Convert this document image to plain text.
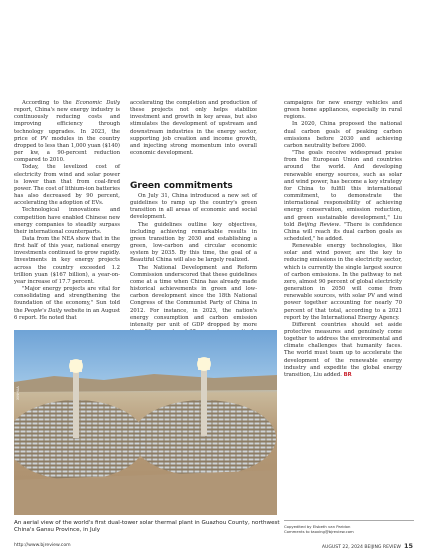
According to the Economic Daily report, China's new energy industry is continuously reducing costs and improving efficiency through technology upgrades. In 2023, the price of PV modules in the country dropped to less than 1,000 yuan ($140) per kw, a 90-percent reduction compared to 2010.

Today, the levelized cost of electricity from wind and solar power is lower than that from coal-fired power. The cost of lithium-ion batteries has also decreased by 90 percent, accelerating the adoption of EVs.

Technological innovations and competition have enabled Chinese new energy companies to steadily surpass their international counterparts.

Data from the NEA show that in the first half of this year, national energy investments continued to grow rapidly. Investments in key energy projects across the country exceeded 1.2 trillion yuan ($167 billion), a year-on-year increase of 17.7 percent.

"Major energy projects are vital for consolidating and strengthening the foundation of the economy," Sun told the People's Daily website in an August 6 report. He noted that

accelerating the completion and production of these projects not only helps stabilize investment and growth in key areas, but also stimulates the development of upstream and downstream industries in the energy sector, supporting job creation and income growth, and injecting strong momentum into overall economic development.

Green commitments

On July 31, China introduced a new set of guidelines to ramp up the country's green transition in all areas of economic and social development.

The guidelines outline key objectives, including achieving remarkable results in green transition by 2030 and establishing a green, low-carbon and circular economic system by 2035. By this time, the goal of a Beautiful China will also be largely realized.

The National Development and Reform Commission underscored that these guidelines come at a time when China has already made historical achievements in green and low-carbon development since the 18th National Congress of the Communist Party of China in 2012. For instance, in 2023, the nation's energy consumption and carbon emission intensity per unit of GDP dropped by more

campaigns for new energy vehicles and green home appliances, especially in rural regions.

In 2020, China proposed the national dual carbon goals of peaking carbon emissions before 2030 and achieving carbon neutrality before 2060.

"The goals receive widespread praise from the European Union and countries around the world. And developing renewable energy sources, such as solar and wind power, has become a key strategy for China to fulfill this international commitment, to demonstrate the international responsibility of achieving energy conservation, emission reduction, and green sustainable development," Liu told Beijing Review. "There is confidence China will reach its dual carbon goals as scheduled," he added.

Renewable energy technologies, like solar and wind power, are the key to reducing emissions in the electricity sector, which is currently the single largest source of carbon emissions. In the pathway to net zero, almost 90 percent of global electricity generation in 2050 will come from renewable sources, with solar PV and wind power together accounting for nearly 70 percent of that total, according to a 2021 report by the International Energy Agency.

Different countries should set aside protective measures and genuinely come together to address the environmental and climate challenges that humanity faces. The world must team up to accelerate the development of the renewable energy industry and expedite the global energy transition, Liu added. BR

XINHUA
An aerial view of the world's first dual-tower solar thermal plant in Guazhou County, northwest China's Gansu Province, in July
Copyedited by Elsbeth van Paridon
Comments to taoxing@bjreview.com
http://www.bjreview.com	AUGUST 22, 2024 BEIJING REVIEW 15
